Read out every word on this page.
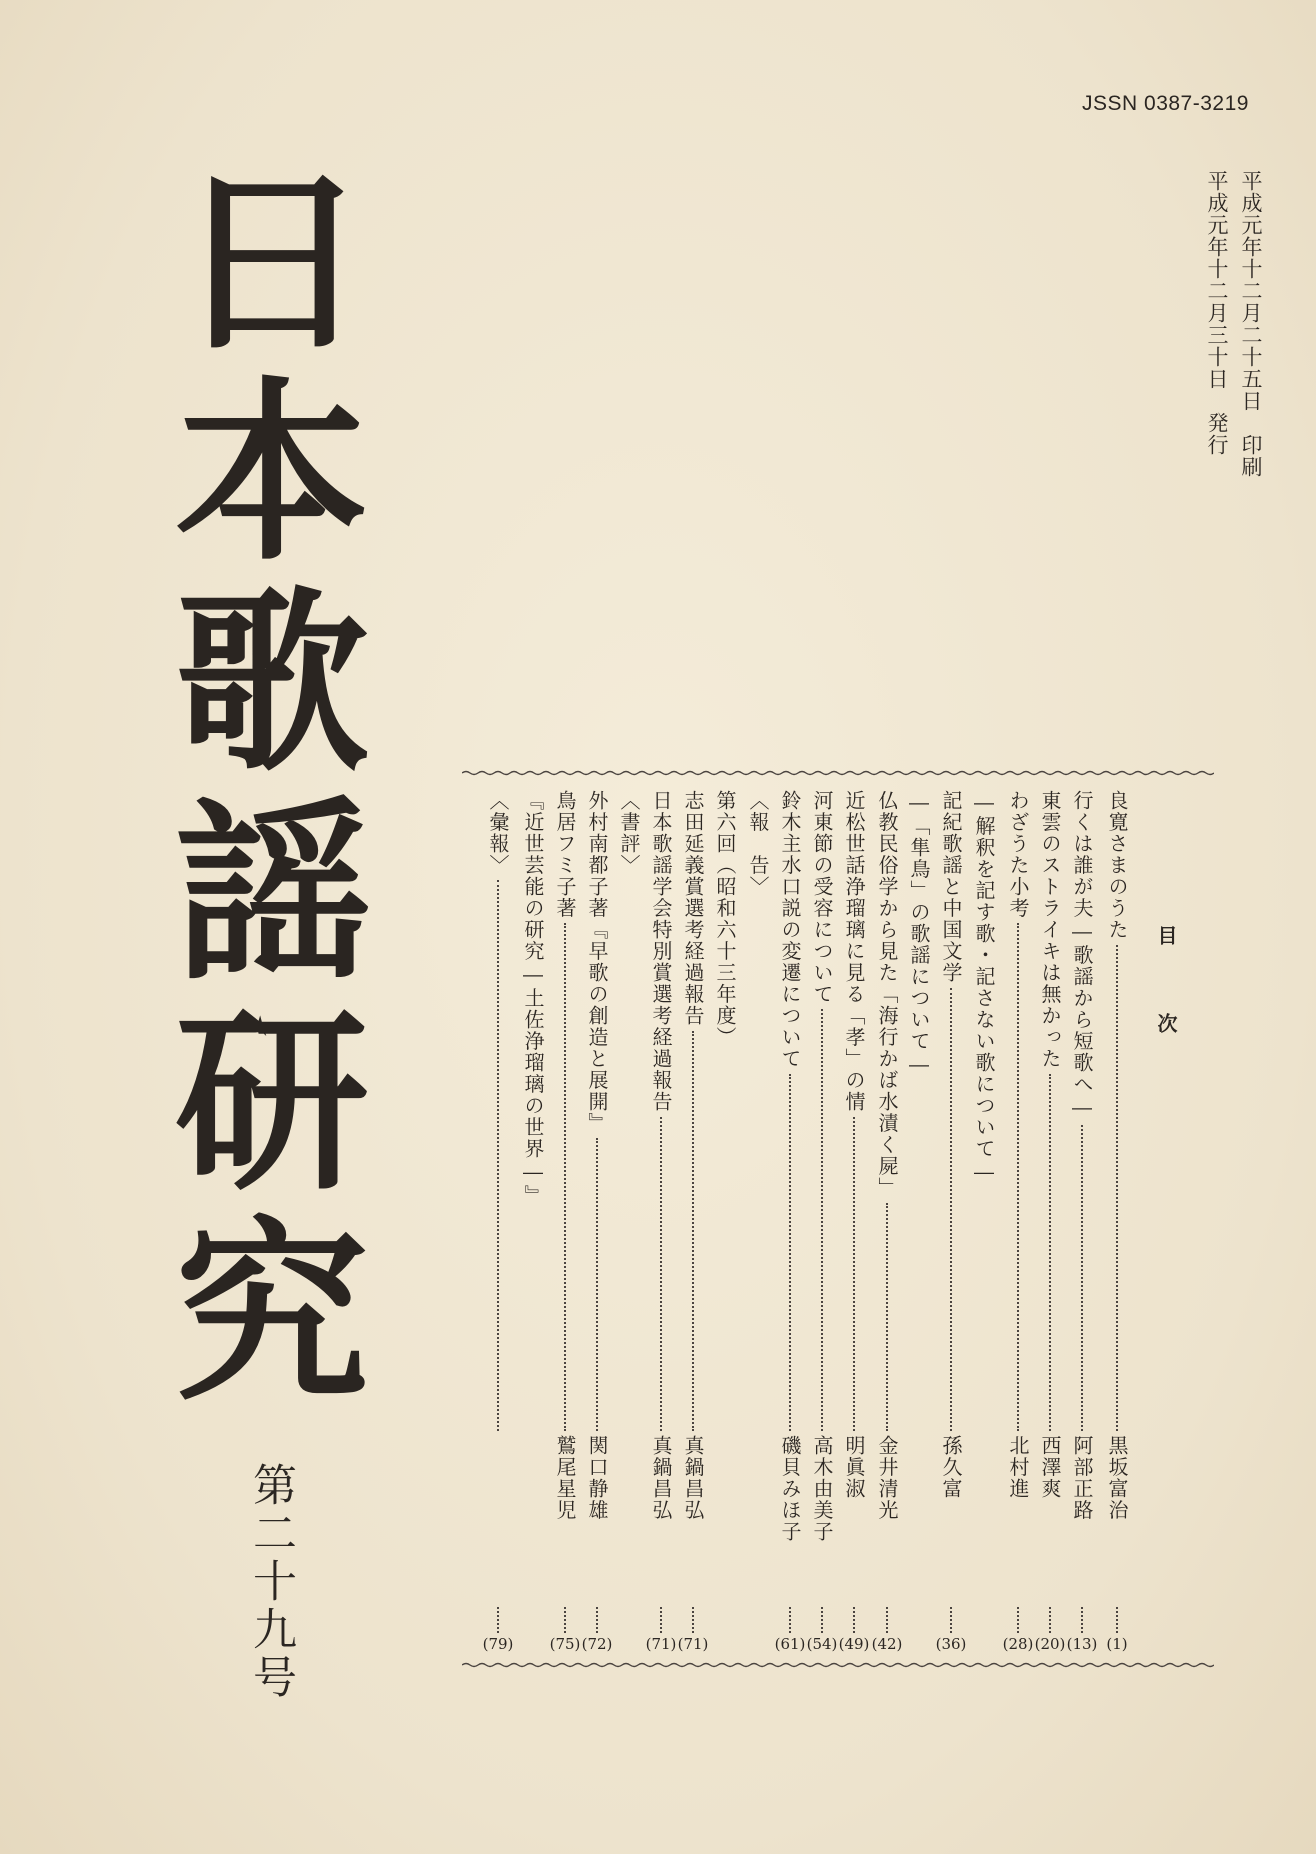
JSSN 0387-3219
平成元年十二月二十五日　印刷
平成元年十二月三十日　発行
日本歌謡研究
第二十九号
目次
良寛さまのうた
黒坂富治
(1)
行くは誰が夫―歌謡から短歌へ―
阿部正路
(13)
東雲のストライキは無かった
西澤爽
(20)
わざうた小考
北村進
(28)
―解釈を記す歌・記さない歌について―
記紀歌謡と中国文学
孫久富
(36)
―「隼鳥」の歌謡について―
仏教民俗学から見た「海行かば水漬く屍」
金井清光
(42)
近松世話浄瑠璃に見る「孝」の情
明眞淑
(49)
河東節の受容について
高木由美子
(54)
鈴木主水口説の変遷について
磯貝みほ子
(61)
〈報　告〉
第六回（昭和六十三年度）
志田延義賞選考経過報告
真鍋昌弘
(71)
日本歌謡学会特別賞選考経過報告
真鍋昌弘
(71)
〈書評〉
外村南都子著『早歌の創造と展開』
関口静雄
(72)
鳥居フミ子著
鷲尾星児
(75)
『近世芸能の研究―土佐浄瑠璃の世界―』
〈彙報〉
(79)
